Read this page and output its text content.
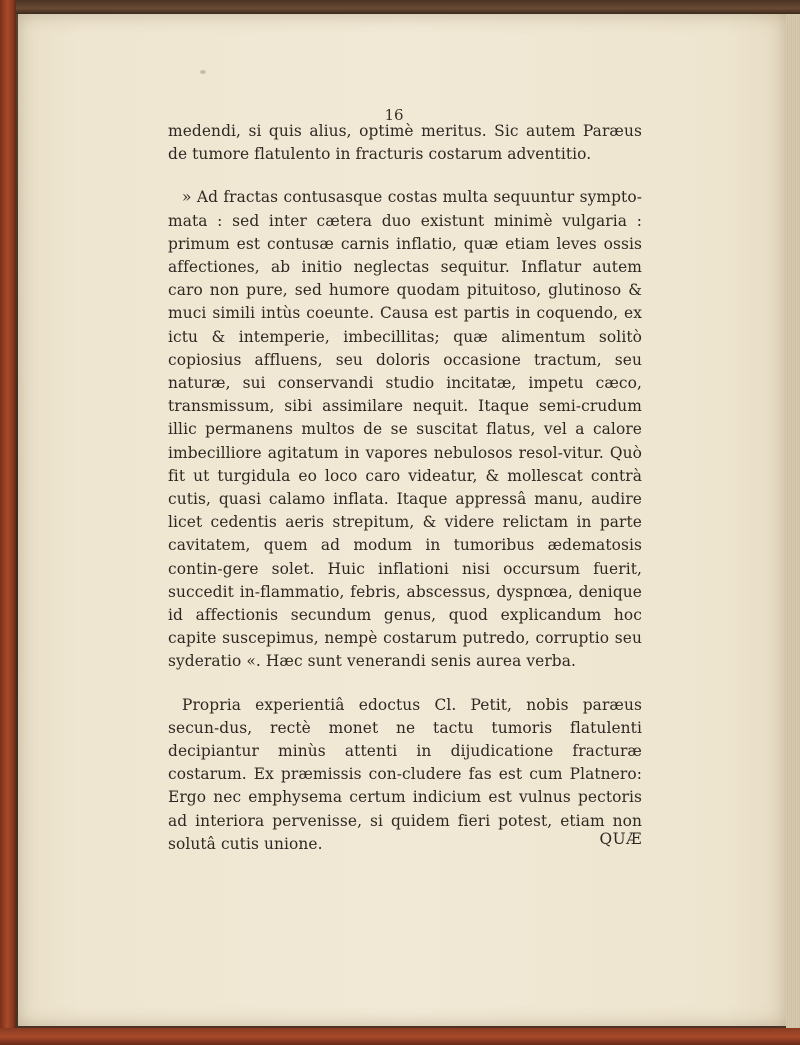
16

medendi, si quis alius, optimè meritus. Sic autem Paræus de tumore flatulento in fracturis costarum adventitio.

» Ad fractas contusasque costas multa sequuntur sympto-mata : sed inter cætera duo existunt minimè vulgaria : primum est contusæ carnis inflatio, quæ etiam leves ossis affectiones, ab initio neglectas sequitur. Inflatur autem caro non pure, sed humore quodam pituitoso, glutinoso & muci simili intùs coeunte. Causa est partis in coquendo, ex ictu & intemperie, imbecillitas; quæ alimentum solitò copiosius affluens, seu doloris occasione tractum, seu naturæ, sui conservandi studio incitatæ, impetu cæco, transmissum, sibi assimilare nequit. Itaque semi-crudum illic permanens multos de se suscitat flatus, vel a calore imbecilliore agitatum in vapores nebulosos resol-vitur. Quò fit ut turgidula eo loco caro videatur, & mollescat contrà cutis, quasi calamo inflata. Itaque appressâ manu, audire licet cedentis aeris strepitum, & videre relictam in parte cavitatem, quem ad modum in tumoribus ædematosis contin-gere solet. Huic inflationi nisi occursum fuerit, succedit in-flammatio, febris, abscessus, dyspnœa, denique id affectionis secundum genus, quod explicandum hoc capite suscepimus, nempè costarum putredo, corruptio seu syderatio «. Hæc sunt venerandi senis aurea verba.

Propria experientiâ edoctus Cl. Petit, nobis paræus secun-dus, rectè monet ne tactu tumoris flatulenti decipiantur minùs attenti in dijudicatione fracturæ costarum. Ex præmissis con-cludere fas est cum Platnero: Ergo nec emphysema certum indicium est vulnus pectoris ad interiora pervenisse, si quidem fieri potest, etiam non solutâ cutis unione.	QUÆ
